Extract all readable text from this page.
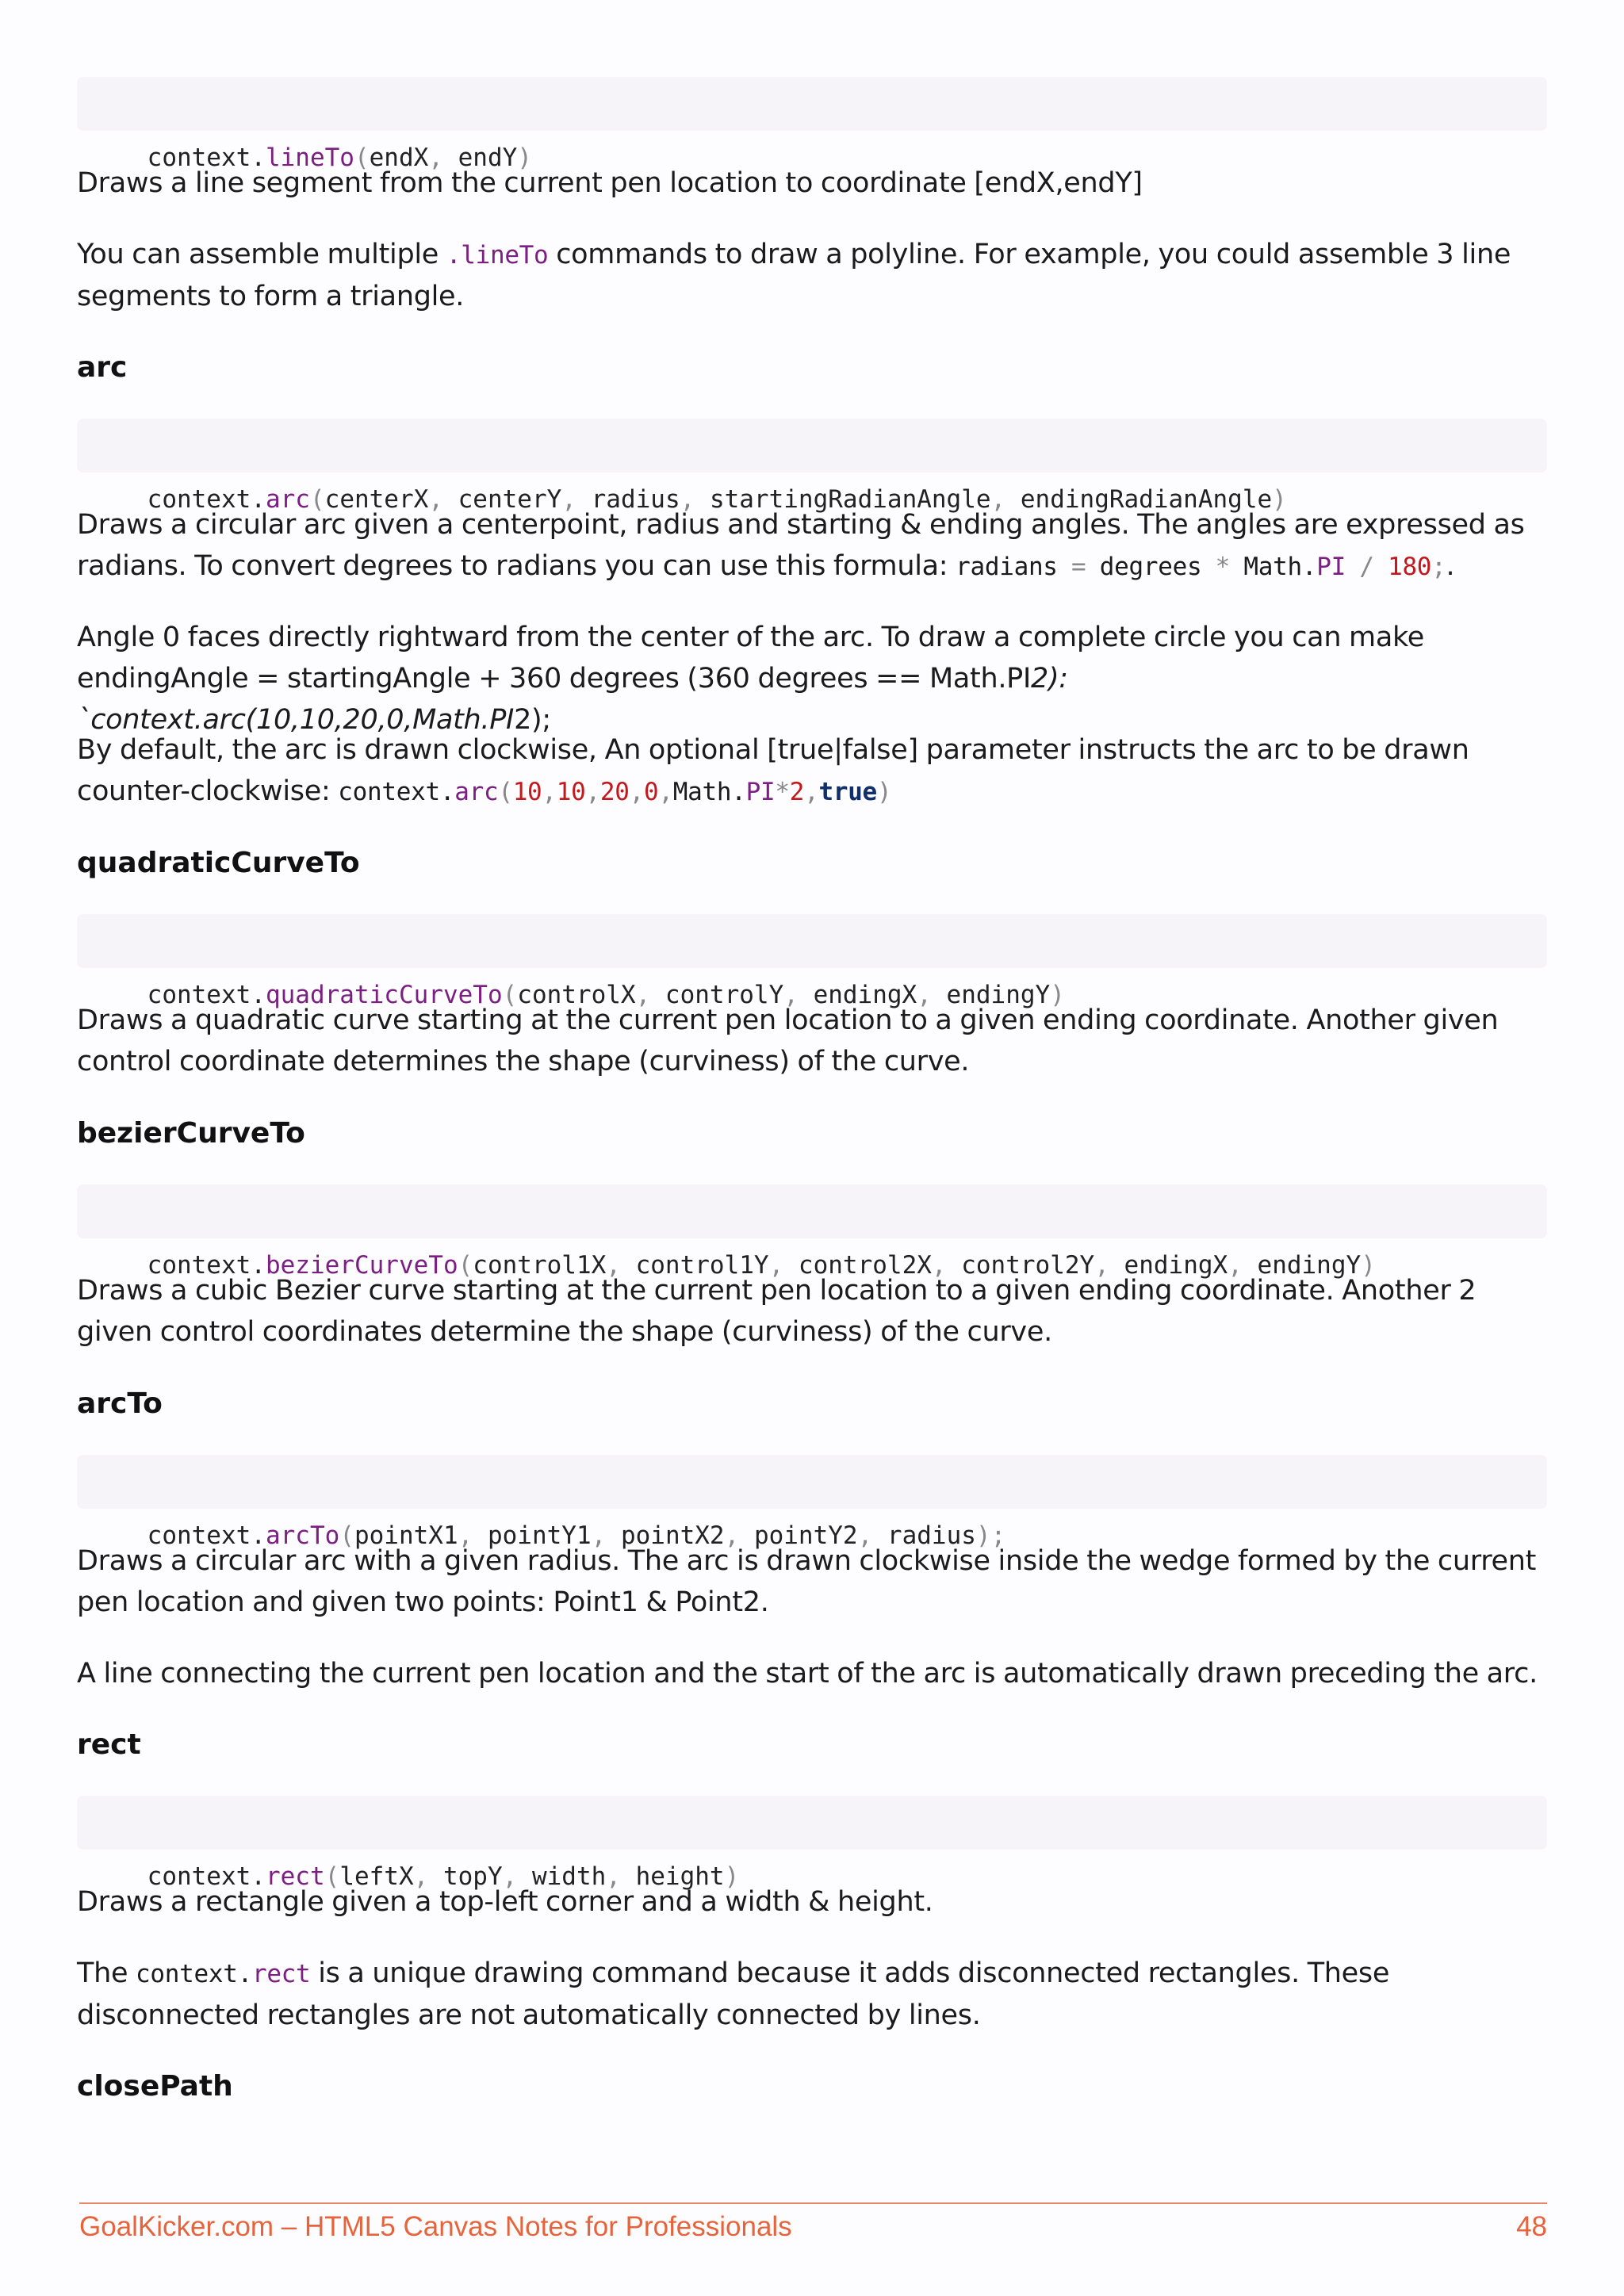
context.lineTo(endX, endY)

Draws a line segment from the current pen location to coordinate [endX,endY]
You can assemble multiple .lineTo commands to draw a polyline. For example, you could assemble 3 line segments to form a triangle.
arc

context.arc(centerX, centerY, radius, startingRadianAngle, endingRadianAngle)

Draws a circular arc given a centerpoint, radius and starting & ending angles. The angles are expressed as radians. To convert degrees to radians you can use this formula: radians = degrees * Math.PI / 180;.
Angle 0 faces directly rightward from the center of the arc. To draw a complete circle you can make endingAngle = startingAngle + 360 degrees (360 degrees == Math.PI2): `context.arc(10,10,20,0,Math.PI2);
By default, the arc is drawn clockwise, An optional [true|false] parameter instructs the arc to be drawn counter-clockwise: context.arc(10,10,20,0,Math.PI*2,true)
quadraticCurveTo

context.quadraticCurveTo(controlX, controlY, endingX, endingY)

Draws a quadratic curve starting at the current pen location to a given ending coordinate. Another given control coordinate determines the shape (curviness) of the curve.
bezierCurveTo

context.bezierCurveTo(control1X, control1Y, control2X, control2Y, endingX, endingY)

Draws a cubic Bezier curve starting at the current pen location to a given ending coordinate. Another 2 given control coordinates determine the shape (curviness) of the curve.
arcTo

context.arcTo(pointX1, pointY1, pointX2, pointY2, radius);

Draws a circular arc with a given radius. The arc is drawn clockwise inside the wedge formed by the current pen location and given two points: Point1 & Point2.
A line connecting the current pen location and the start of the arc is automatically drawn preceding the arc.
rect

context.rect(leftX, topY, width, height)

Draws a rectangle given a top-left corner and a width & height.
The context.rect is a unique drawing command because it adds disconnected rectangles. These disconnected rectangles are not automatically connected by lines.
closePath
GoalKicker.com – HTML5 Canvas Notes for Professionals	48
